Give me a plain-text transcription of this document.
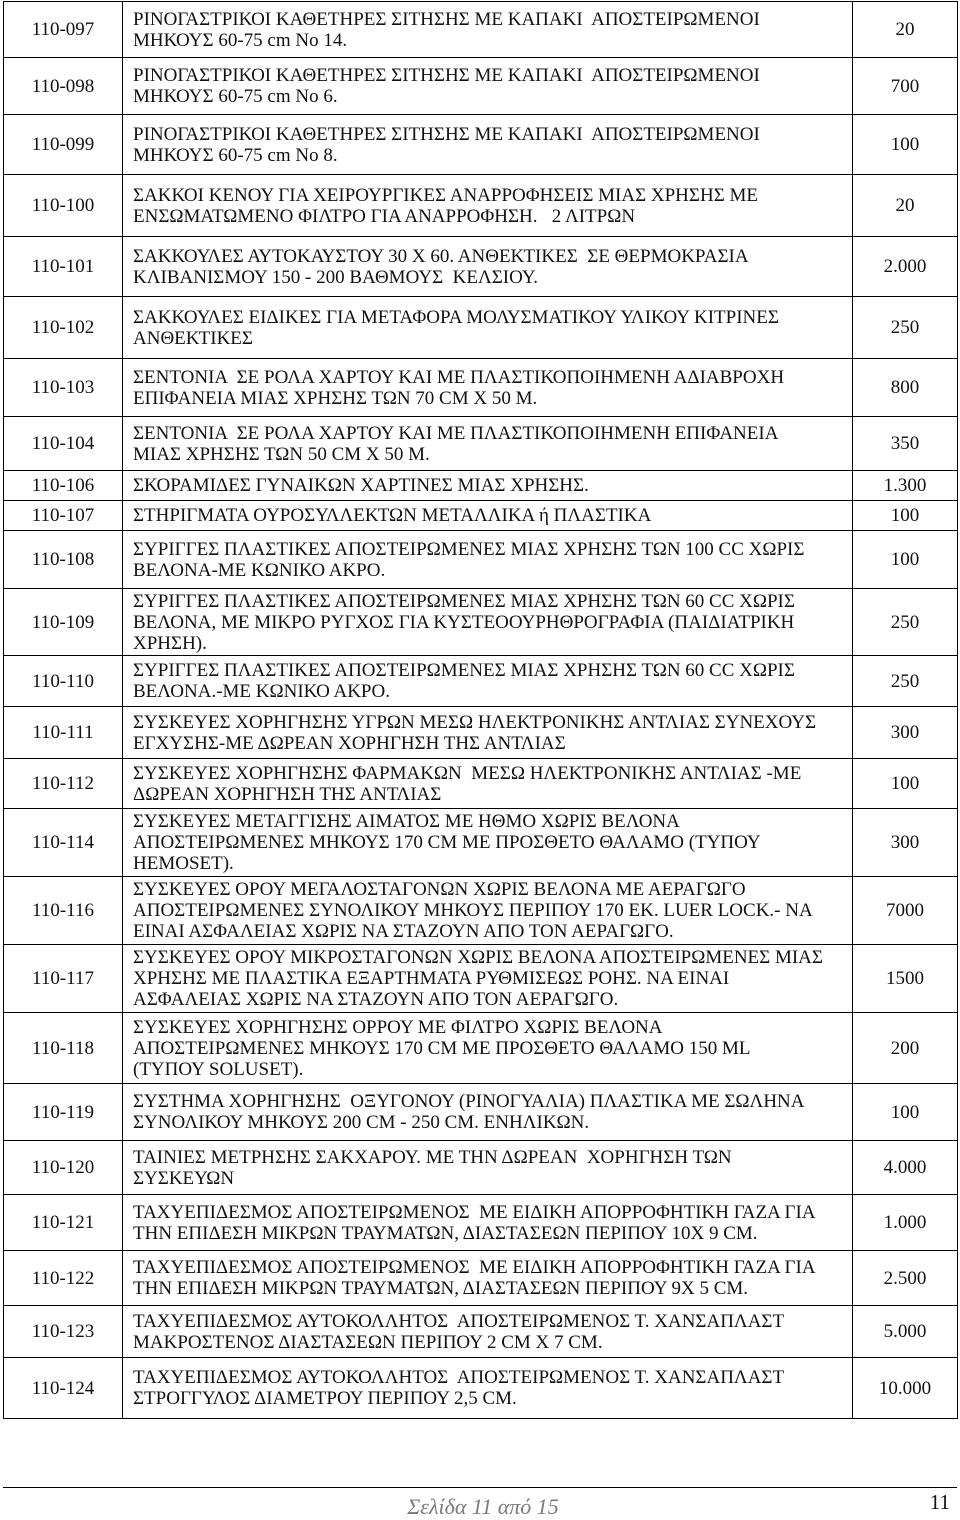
110-097	ΡΙΝΟΓΑΣΤΡΙΚΟΙ ΚΑΘΕΤΗΡΕΣ ΣΙΤΗΣΗΣ ΜΕ ΚΑΠΑΚΙ  ΑΠΟΣΤΕΙΡΩΜΕΝΟΙ
ΜΗΚΟΥΣ 60-75 cm No 14.	20
110-098	ΡΙΝΟΓΑΣΤΡΙΚΟΙ ΚΑΘΕΤΗΡΕΣ ΣΙΤΗΣΗΣ ΜΕ ΚΑΠΑΚΙ  ΑΠΟΣΤΕΙΡΩΜΕΝΟΙ
ΜΗΚΟΥΣ 60-75 cm No 6.	700
110-099	ΡΙΝΟΓΑΣΤΡΙΚΟΙ ΚΑΘΕΤΗΡΕΣ ΣΙΤΗΣΗΣ ΜΕ ΚΑΠΑΚΙ  ΑΠΟΣΤΕΙΡΩΜΕΝΟΙ
ΜΗΚΟΥΣ 60-75 cm No 8.	100
110-100	ΣΑΚΚΟΙ ΚΕΝΟΥ ΓΙΑ ΧΕΙΡΟΥΡΓΙΚΕΣ ΑΝΑΡΡΟΦΗΣΕΙΣ ΜΙΑΣ ΧΡΗΣΗΣ ΜΕ
ΕΝΣΩΜΑΤΩΜΕΝΟ ΦΙΛΤΡΟ ΓΙΑ ΑΝΑΡΡΟΦΗΣΗ.   2 ΛΙΤΡΩΝ	20
110-101	ΣΑΚΚΟΥΛΕΣ ΑΥΤΟΚΑΥΣΤΟΥ 30 Χ 60. ΑΝΘΕΚΤΙΚΕΣ  ΣΕ ΘΕΡΜΟΚΡΑΣΙΑ
ΚΛΙΒΑΝΙΣΜΟΥ 150 - 200 ΒΑΘΜΟΥΣ  ΚΕΛΣΙΟΥ.	2.000
110-102	ΣΑΚΚΟΥΛΕΣ ΕΙΔΙΚΕΣ ΓΙΑ ΜΕΤΑΦΟΡΑ ΜΟΛΥΣΜΑΤΙΚΟΥ ΥΛΙΚΟΥ ΚΙΤΡΙΝΕΣ
ΑΝΘΕΚΤΙΚΕΣ	250
110-103	ΣΕΝΤΟΝΙΑ  ΣΕ ΡΟΛΑ ΧΑΡΤΟΥ ΚΑΙ ΜΕ ΠΛΑΣΤΙΚΟΠΟΙΗΜΕΝΗ ΑΔΙΑΒΡΟΧΗ
ΕΠΙΦΑΝΕΙΑ ΜΙΑΣ ΧΡΗΣΗΣ ΤΩΝ 70 CM X 50 M.	800
110-104	ΣΕΝΤΟΝΙΑ  ΣΕ ΡΟΛΑ ΧΑΡΤΟΥ ΚΑΙ ΜΕ ΠΛΑΣΤΙΚΟΠΟΙΗΜΕΝΗ ΕΠΙΦΑΝΕΙΑ
ΜΙΑΣ ΧΡΗΣΗΣ ΤΩΝ 50 CM X 50 M.	350
110-106	ΣΚΟΡΑΜΙΔΕΣ ΓΥΝΑΙΚΩΝ ΧΑΡΤΙΝΕΣ ΜΙΑΣ ΧΡΗΣΗΣ.	1.300
110-107	ΣΤΗΡΙΓΜΑΤΑ ΟΥΡΟΣΥΛΛΕΚΤΩΝ ΜΕΤΑΛΛΙΚΑ ή ΠΛΑΣΤΙΚΑ	100
110-108	ΣΥΡΙΓΓΕΣ ΠΛΑΣΤΙΚΕΣ ΑΠΟΣΤΕΙΡΩΜΕΝΕΣ ΜΙΑΣ ΧΡΗΣΗΣ ΤΩΝ 100 CC ΧΩΡΙΣ
ΒΕΛΟΝΑ-ΜΕ ΚΩΝΙΚΟ ΑΚΡΟ.	100
110-109	ΣΥΡΙΓΓΕΣ ΠΛΑΣΤΙΚΕΣ ΑΠΟΣΤΕΙΡΩΜΕΝΕΣ ΜΙΑΣ ΧΡΗΣΗΣ ΤΩΝ 60 CC ΧΩΡΙΣ
ΒΕΛΟΝΑ, ΜΕ ΜΙΚΡΟ ΡΥΓΧΟΣ ΓΙΑ ΚΥΣΤΕΟΟΥΡΗΘΡΟΓΡΑΦΙΑ (ΠΑΙΔΙΑΤΡΙΚΗ
ΧΡΗΣΗ).	250
110-110	ΣΥΡΙΓΓΕΣ ΠΛΑΣΤΙΚΕΣ ΑΠΟΣΤΕΙΡΩΜΕΝΕΣ ΜΙΑΣ ΧΡΗΣΗΣ ΤΩΝ 60 CC ΧΩΡΙΣ
ΒΕΛΟΝΑ.-ΜΕ ΚΩΝΙΚΟ ΑΚΡΟ.	250
110-111	ΣΥΣΚΕΥΕΣ ΧΟΡΗΓΗΣΗΣ ΥΓΡΩΝ ΜΕΣΩ ΗΛΕΚΤΡΟΝΙΚΗΣ ΑΝΤΛΙΑΣ ΣΥΝΕΧΟΥΣ
ΕΓΧΥΣΗΣ-ΜΕ ΔΩΡΕΑΝ ΧΟΡΗΓΗΣΗ ΤΗΣ ΑΝΤΛΙΑΣ	300
110-112	ΣΥΣΚΕΥΕΣ ΧΟΡΗΓΗΣΗΣ ΦΑΡΜΑΚΩΝ  ΜΕΣΩ ΗΛΕΚΤΡΟΝΙΚΗΣ ΑΝΤΛΙΑΣ -ΜΕ
ΔΩΡΕΑΝ ΧΟΡΗΓΗΣΗ ΤΗΣ ΑΝΤΛΙΑΣ	100
110-114	ΣΥΣΚΕΥΕΣ ΜΕΤΑΓΓΙΣΗΣ ΑΙΜΑΤΟΣ ΜΕ ΗΘΜΟ ΧΩΡΙΣ ΒΕΛΟΝΑ
ΑΠΟΣΤΕΙΡΩΜΕΝΕΣ ΜΗΚΟΥΣ 170 CM ΜΕ ΠΡΟΣΘΕΤΟ ΘΑΛΑΜΟ (ΤΥΠΟΥ
HEMOSET).	300
110-116	ΣΥΣΚΕΥΕΣ ΟΡΟΥ ΜΕΓΑΛΟΣΤΑΓΟΝΩΝ ΧΩΡΙΣ ΒΕΛΟΝΑ ΜΕ ΑΕΡΑΓΩΓΟ
ΑΠΟΣΤΕΙΡΩΜΕΝΕΣ ΣΥΝΟΛΙΚΟΥ ΜΗΚΟΥΣ ΠΕΡΙΠΟΥ 170 ΕΚ. LUER LOCK.- ΝΑ
ΕΙΝΑΙ ΑΣΦΑΛΕΙΑΣ ΧΩΡΙΣ ΝΑ ΣΤΑΖΟΥΝ ΑΠΟ ΤΟΝ ΑΕΡΑΓΩΓΟ.	7000
110-117	ΣΥΣΚΕΥΕΣ ΟΡΟΥ ΜΙΚΡΟΣΤΑΓΟΝΩΝ ΧΩΡΙΣ ΒΕΛΟΝΑ ΑΠΟΣΤΕΙΡΩΜΕΝΕΣ ΜΙΑΣ
ΧΡΗΣΗΣ ΜΕ ΠΛΑΣΤΙΚΑ ΕΞΑΡΤΗΜΑΤΑ ΡΥΘΜΙΣΕΩΣ ΡΟΗΣ. ΝΑ ΕΙΝΑΙ
ΑΣΦΑΛΕΙΑΣ ΧΩΡΙΣ ΝΑ ΣΤΑΖΟΥΝ ΑΠΟ ΤΟΝ ΑΕΡΑΓΩΓΟ.	1500
110-118	ΣΥΣΚΕΥΕΣ ΧΟΡΗΓΗΣΗΣ ΟΡΡΟΥ ΜΕ ΦΙΛΤΡΟ ΧΩΡΙΣ ΒΕΛΟΝΑ
ΑΠΟΣΤΕΙΡΩΜΕΝΕΣ ΜΗΚΟΥΣ 170 CM ΜΕ ΠΡΟΣΘΕΤΟ ΘΑΛΑΜΟ 150 ML
(ΤΥΠΟΥ SOLUSET).	200
110-119	ΣΥΣΤΗΜΑ ΧΟΡΗΓΗΣΗΣ  ΟΞΥΓΟΝΟΥ (ΡΙΝΟΓΥΑΛΙΑ) ΠΛΑΣΤΙΚΑ ΜΕ ΣΩΛΗΝΑ
ΣΥΝΟΛΙΚΟΥ ΜΗΚΟΥΣ 200 CM - 250 CM. ΕΝΗΛΙΚΩΝ.	100
110-120	ΤΑΙΝΙΕΣ ΜΕΤΡΗΣΗΣ ΣΑΚΧΑΡΟΥ. ΜΕ ΤΗΝ ΔΩΡΕΑΝ  ΧΟΡΗΓΗΣΗ ΤΩΝ
ΣΥΣΚΕΥΩΝ	4.000
110-121	ΤΑΧΥΕΠΙΔΕΣΜΟΣ ΑΠΟΣΤΕΙΡΩΜΕΝΟΣ  ΜΕ ΕΙΔΙΚΗ ΑΠΟΡΡΟΦΗΤΙΚΗ ΓΑΖΑ ΓΙΑ
ΤΗΝ ΕΠΙΔΕΣΗ ΜΙΚΡΩΝ ΤΡΑΥΜΑΤΩΝ, ΔΙΑΣΤΑΣΕΩΝ ΠΕΡΙΠΟΥ 10Χ 9 CM.	1.000
110-122	ΤΑΧΥΕΠΙΔΕΣΜΟΣ ΑΠΟΣΤΕΙΡΩΜΕΝΟΣ  ΜΕ ΕΙΔΙΚΗ ΑΠΟΡΡΟΦΗΤΙΚΗ ΓΑΖΑ ΓΙΑ
ΤΗΝ ΕΠΙΔΕΣΗ ΜΙΚΡΩΝ ΤΡΑΥΜΑΤΩΝ, ΔΙΑΣΤΑΣΕΩΝ ΠΕΡΙΠΟΥ 9Χ 5 CM.	2.500
110-123	ΤΑΧΥΕΠΙΔΕΣΜΟΣ ΑΥΤΟΚΟΛΛΗΤΟΣ  ΑΠΟΣΤΕΙΡΩΜΕΝΟΣ Τ. ΧΑΝΣΑΠΛΑΣΤ
ΜΑΚΡΟΣΤΕΝΟΣ ΔΙΑΣΤΑΣΕΩΝ ΠΕΡΙΠΟΥ 2 CM X 7 CM.	5.000
110-124	ΤΑΧΥΕΠΙΔΕΣΜΟΣ ΑΥΤΟΚΟΛΛΗΤΟΣ  ΑΠΟΣΤΕΙΡΩΜΕΝΟΣ Τ. ΧΑΝΣΑΠΛΑΣΤ
ΣΤΡΟΓΓΥΛΟΣ ΔΙΑΜΕΤΡΟΥ ΠΕΡΙΠΟΥ 2,5 CM.	10.000
Σελίδα 11 από 15	11
